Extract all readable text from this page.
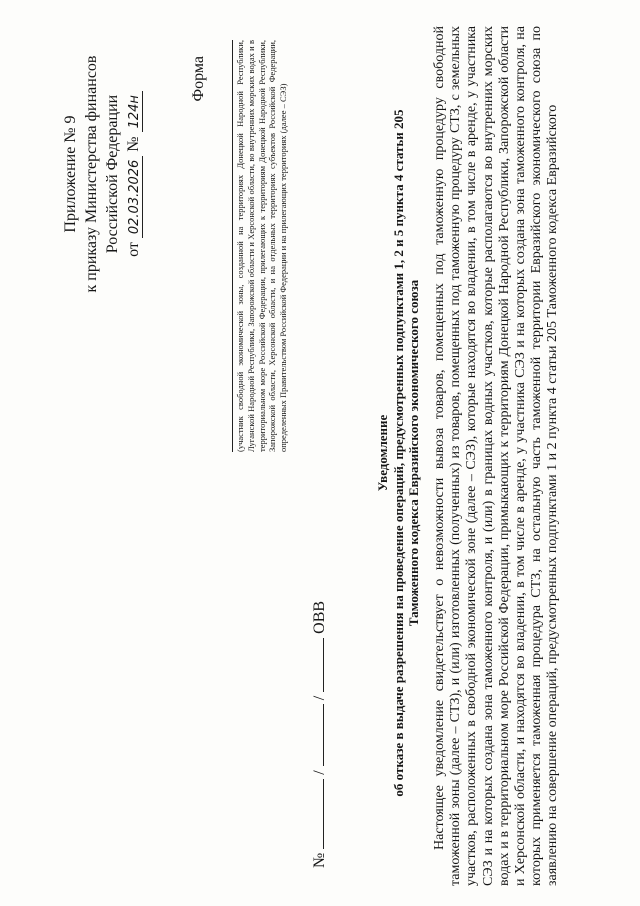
Приложение № 9 к приказу Министерства финансов Российской Федерации от 02.03.2026 № 124н
Форма	(участник свободной экономической зоны, созданной на территориях Донецкой Народной Республики, Луганской Народной Республики, Запорожской области и Херсонской области, во внутренних морских водах и в территориальном море Российской Федерации, прилегающих к территориям Донецкой Народной Республики, Запорожской области, Херсонской области, и на отдельных территориях субъектов Российской Федерации, определенных Правительством Российской Федерации и на прилегающих территориях (далее – СЭЗ)
№  /  /  ОВВ
Уведомление об отказе в выдаче разрешения на проведение операций, предусмотренных подпунктами 1, 2 и 5 пункта 4 статьи 205 Таможенного кодекса Евразийского экономического союза Настоящее уведомление свидетельствует о невозможности вывоза товаров, помещенных под таможенную процедуру свободной таможенной зоны (далее – СТЗ), и (или) изготовленных (полученных) из товаров, помещенных под таможенную процедуру СТЗ, с земельных участков, расположенных в свободной экономической зоне (далее – СЭЗ), которые находятся во владении, в том числе в аренде, у участника СЭЗ и на которых создана зона таможенного контроля, и (или) в границах водных участков, которые располагаются во внутренних морских водах и в территориальном море Российской Федерации, примыкающих к территориям Донецкой Народной Республики, Запорожской области и Херсонской области, и находятся во владении, в том числе в аренде, у участника СЭЗ и на которых создана зона таможенного контроля, на которых применяется таможенная процедура СТЗ, на остальную часть таможенной территории Евразийского экономического союза по заявлению на совершение операций, предусмотренных подпунктами 1 и 2 пункта 4 статьи 205 Таможенного кодекса Евразийского
